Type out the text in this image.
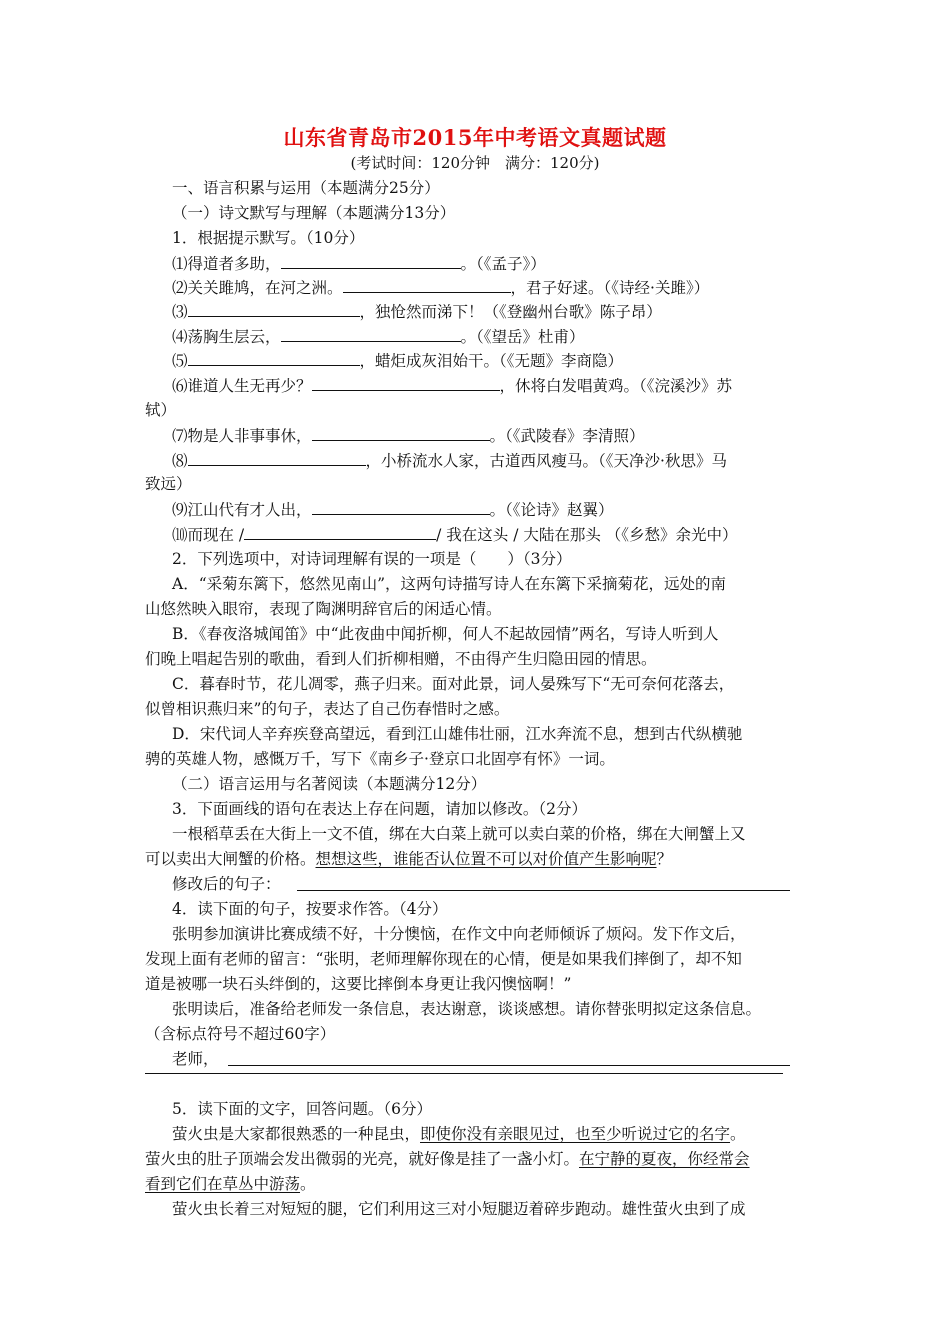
山东省青岛市2015年中考语文真题试题
(考试时间：120分钟　满分：120分)
一、语言积累与运用（本题满分25分）
（一）诗文默写与理解（本题满分13分）
1．根据提示默写。（10分）
⑴得道者多助，	。（《孟子》）
⑵关关雎鸠，在河之洲。	，君子好逑。（《诗经·关雎》）
⑶	，独怆然而涕下！（《登幽州台歌》陈子昂）
⑷荡胸生层云，	。（《望岳》杜甫）
⑸	，蜡炬成灰泪始干。（《无题》李商隐）
⑹谁道人生无再少？	，休将白发唱黄鸡。（《浣溪沙》苏
轼）
⑺物是人非事事休，	。（《武陵春》李清照）
⑻	，小桥流水人家，古道西风瘦马。（《天净沙·秋思》马
致远）
⑼江山代有才人出，	。（《论诗》赵翼）
⑽而现在 /	/ 我在这头 / 大陆在那头 （《乡愁》余光中）
2．下列选项中，对诗词理解有误的一项是（　　）（3分）
A．“采菊东篱下，悠然见南山”，这两句诗描写诗人在东篱下采摘菊花，远处的南
山悠然映入眼帘，表现了陶渊明辞官后的闲适心情。
B．《春夜洛城闻笛》中“此夜曲中闻折柳，何人不起故园情”两名，写诗人听到人
们晚上唱起告别的歌曲，看到人们折柳相赠，不由得产生归隐田园的情思。
C．暮春时节，花儿凋零，燕子归来。面对此景，词人晏殊写下“无可奈何花落去，
似曾相识燕归来”的句子，表达了自己伤春惜时之感。
D．宋代词人辛弃疾登高望远，看到江山雄伟壮丽，江水奔流不息，想到古代纵横驰
骋的英雄人物，感慨万千，写下《南乡子·登京口北固亭有怀》一词。
（二）语言运用与名著阅读（本题满分12分）
3．下面画线的语句在表达上存在问题，请加以修改。（2分）
一根稻草丢在大街上一文不值，绑在大白菜上就可以卖白菜的价格，绑在大闸蟹上又
可以卖出大闸蟹的价格。想想这些，谁能否认位置不可以对价值产生影响呢？
修改后的句子：
4．读下面的句子，按要求作答。（4分）
张明参加演讲比赛成绩不好，十分懊恼，在作文中向老师倾诉了烦闷。发下作文后，
发现上面有老师的留言：“张明，老师理解你现在的心情，便是如果我们摔倒了，却不知
道是被哪一块石头绊倒的，这要比摔倒本身更让我闪懊恼啊！”
张明读后，准备给老师发一条信息，表达谢意，谈谈感想。请你替张明拟定这条信息。
（含标点符号不超过60字）
老师，
5．读下面的文字，回答问题。（6分）
萤火虫是大家都很熟悉的一种昆虫，即使你没有亲眼见过，也至少听说过它的名字。
萤火虫的肚子顶端会发出微弱的光亮，就好像是挂了一盏小灯。在宁静的夏夜，你经常会
看到它们在草丛中游荡。
萤火虫长着三对短短的腿，它们利用这三对小短腿迈着碎步跑动。雄性萤火虫到了成
